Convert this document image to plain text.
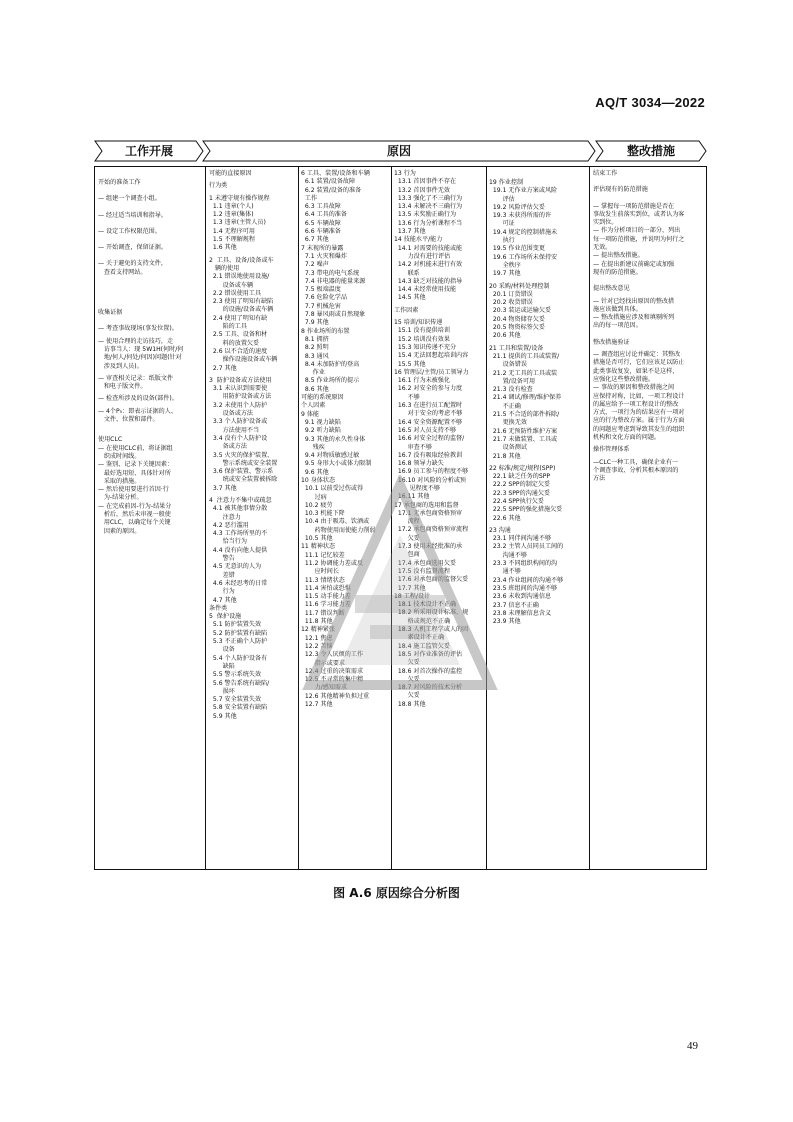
AQ/T 3034—2022
工作开展	原因	整改措施

开始的准备工作

— 组建一个调查小组。

— 经过适当培训和指导。

— 设定工作权限范围。

— 开始调查，保留证据。

— 关于避免的支持文件，

查看支持网站。

收集证据

— 考查事故现场(事发位置)。

— 使用合理的走访技巧，走

访事当人：现 5W1H(何时/何

地/何人/何处/何因)问题(针对

涉及到人员)。

— 审查相关记录：纸版文件

和电子版文件。

— 检查所涉及的设备(部件)。

— 4个P₅：即表示证据的人、

文件、位置和部件。

使用CLC

— 在使用CLC前，将证据组

织成时间线。

— 鉴别、记录下关键因素：

最好选用短、具体针对所

采取的措施。

— 然后使用要进行首因·行

为-结果分析。

— 在完成前因-行为-结果分

析后，然后未审视一般使

用CLC，以确定每个关键

因素的原因。

可能的直接原因

行为类

1 未遵守规有操作规程

1.1 违章(个人)

1.2 违章(集体)

1.3 违章(主管人员)

1.4 无程序可用

1.5 不理解规程

1.6 其他

2  工具、设备/设备或车

辆的使用

2.1 错误地使用设施/

设备或车辆

2.2 错误使用工具

2.3 使用了明知有缺陷

的设施/设备或车辆

2.4 使用了明知有缺

陷的工具

2.5 工具、设备和材

料的放置欠妥

2.6 以不合适的速度

操作设施设备或车辆

2.7 其他

3  防护设备或方法使用

3.1 未认识到需要使

用防护设备或方法

3.2 未使用个人防护

设备或方法

3.3 个人防护设备或

方法使用不当

3.4 没有个人防护设

备或方法

3.5 火灾的保护装置、

警示系统或安全装置

3.6 保护装置、警示系

统或安全装置被拆除

3.7 其他

4  注意力不集中或疏忽

4.1 被其他事情分散

注意力

4.2 恶行滥用

4.3 工作场所里的不

恰当行为

4.4 没有向他人提供

警告

4.5 无意识的人为

差错

4.6 未经思考的日常

行为

4.7 其他

条件类

5  保护设施

5.1 防护装置失效

5.2 防护装置有缺陷

5.3 不正确个人防护

设备

5.4 个人防护设备有

缺陷

5.5 警示系统失效

5.6 警告系统有缺陷/

损坏

5.7 安全装置失效

5.8 安全装置有缺陷

5.9 其他

6 工具、装置/设备和车辆

6.1 装置/设备故障

6.2 装置/设备的准备

工作

6.3 工具故障

6.4 工具的准备

6.5 车辆故障

6.6 车辆准备

6.7 其他

7 末视所的暴露

7.1 火灾和爆炸

7.2 噪声

7.3 带电的电气系统

7.4 非电器的能量来源

7.5 极端温度

7.6 危险化学品

7.7 机械危害

7.8 暴风雨或自然现象

7.9 其他

8 作业场所的布置

8.1 拥挤

8.2 照明

8.3 通风

8.4 未加防护的登高

作业

8.5 作业场所的提示

8.6 其他

可能的系统原因

个人因素

9 体能

9.1 视力缺陷

9.2 听力缺陷

9.3 其他的永久性身体

残疾

9.4 对物质敏感过敏

9.5 身形大小或体力限制

9.6 其他

10 身体状态

10.1 以前受过伤或得

过病

10.2 疲劳

10.3 机能下降

10.4 由于吸毒、饮酒或

药物使用而使能力削弱

10.5 其他

11 精神状态

11.1 记忆较差

11.2 协调能力差或反

应时间长

11.3 情绪状态

11.4 害怕或恐惧

11.5 动手能力差

11.6 学习能力差

11.7 错误判断

11.8 其他

12 精神紧张

12.1 焦虑

12.2 苦恼

12.3 令人厌烦的工作

指示或要求

12.4 过重的决策需求

12.5 不寻常的集中精

力/感知需求

12.6 其他精神负担过重

12.7 其他

13 行为

13.1 首因事件不存在

13.2 首因事件无效

13.3 强化了不三确行为

13.4 未解决不三确行为

13.5 未奖励正确行为

13.6 行为分析课程不当

13.7 其他

14 技能水平/能力

14.1 对需要的技能或能

力没有进行评估

14.2 对机能未进行有效

联系

14.3 缺乏对技能的指导

14.4 未经常使用技能

14.5 其他

工作因素

15 培训/知识传递

15.1 没有提供培训

15.2 培训没有效果

15.3 知识传递不充分

15.4 无法回想起培训内容

15.5 其他

16 管理层/主管/员工领导力

16.1 行为未被强化

16.2 对安全的参与力度

不够

16.3 在进行员工配置时

对于安全的考虑不够

16.4 安全资源配置不够

16.5 对人员支持不够

16.6 对安全过程的监督/

审查不够

16.7 没有吸取经验教训

16.8 领导力缺失

16.9 员工参与的程度不够

16.10 对风险的分析或预

见程度不够

16.11 其他

17 承包商的选用和监督

17.1 无承包商资格预审

流程

17.2 承包商资格预审流程

欠妥

17.3 使用未经批准的承

包商

17.4 承包商选用欠妥

17.5 没有监督流程

17.6 对承包商的监督欠妥

17.7 其他

18 工程/设计

18.1 技术设计不正确

18.2 所采用设计标准、规

格或规范不正确

18.3 人机工程学或人的因

素设计不正确

18.4 施工监管欠妥

18.5 对作业准备的评估

欠妥

18.6 对首次操作的监控

欠妥

18.7 对风险的技术分析

欠妥

18.8 其他

19 作业控制

19.1 无作业方案或风险

评估

19.2 风险评估欠妥

19.3 未获得所需的许

可证

19.4 规定的控制措施未

执行

19.5 作业范围变更

19.6 工作场所未保持安

全秩序

19.7 其他

20 采购/材料处理控制

20.1 订货错误

20.2 收货错误

20.3 装运或运输欠妥

20.4 物资储存欠妥

20.5 物资标签欠妥

20.6 其他

21 工具和装置/设备

21.1 提供的工具或装置/

设备错误

21.2 无工具的工具或装

置/设备可用

21.3 没有检查

21.4 调试/修理/维护保养

不正确

21.5 不合适的部件拆除/

更换无效

21.6 无预防性维护方案

21.7 未做装置、工具或

设备测试

21.8 其他

22 标准/规定/规程(SPP)

22.1 缺乏任务的SPP

22.2 SPP的制定欠妥

22.3 SPP的沟通欠妥

22.4 SPP执行欠妥

22.5 SPP的强化措施欠妥

22.6 其他

23 沟通

23.1 同伴间沟通不够

23.2 主管人员同员工间的

沟通不够

23.3 不同组织构间的沟

通不够

23.4 作业组间的沟通不够

23.5 班组间的沟通不够

23.6 未收到沟通信息

23.7 信息不正确

23.8 未理解信息含义

23.9 其他

结束工作

评估现有的防范措施

— 掌握每一项防范措施是否在

事故发生前落实到位，或者认为客

实到位。

— 作为分析项目的一部分，列出

每一项防范措施，并说明为何行之

无效。

— 提出整改措施。

— 在提出新建议前确定或加强

现有的防范措施。

提出整改意见

— 针对已经找出原因的整改措

施应该做到具体。

— 整改措施应涉及和填剔所列

出的每一项范因。

整改措施验证

— 调查组应讨论并确定：其整改

措施是否可行，它们应该足以防止

此类事故复发，如果不是这样，

应强化这些整改措施。

— 事故的原因和整改措施之间

应保持对称，比如，一项工程设计

的属应给予一项工程设计的整改

方式，一项行为的结果应有一项对

应的行为整改方案。属于行为方面

的问题应考虑到导致其发生的组织

机构和文化方面的问题。

操作管理体系

—CLC一种工具，确保企业有一

个调查事故、分析其根本原因的

方法

图 A.6 原因综合分析图
49
